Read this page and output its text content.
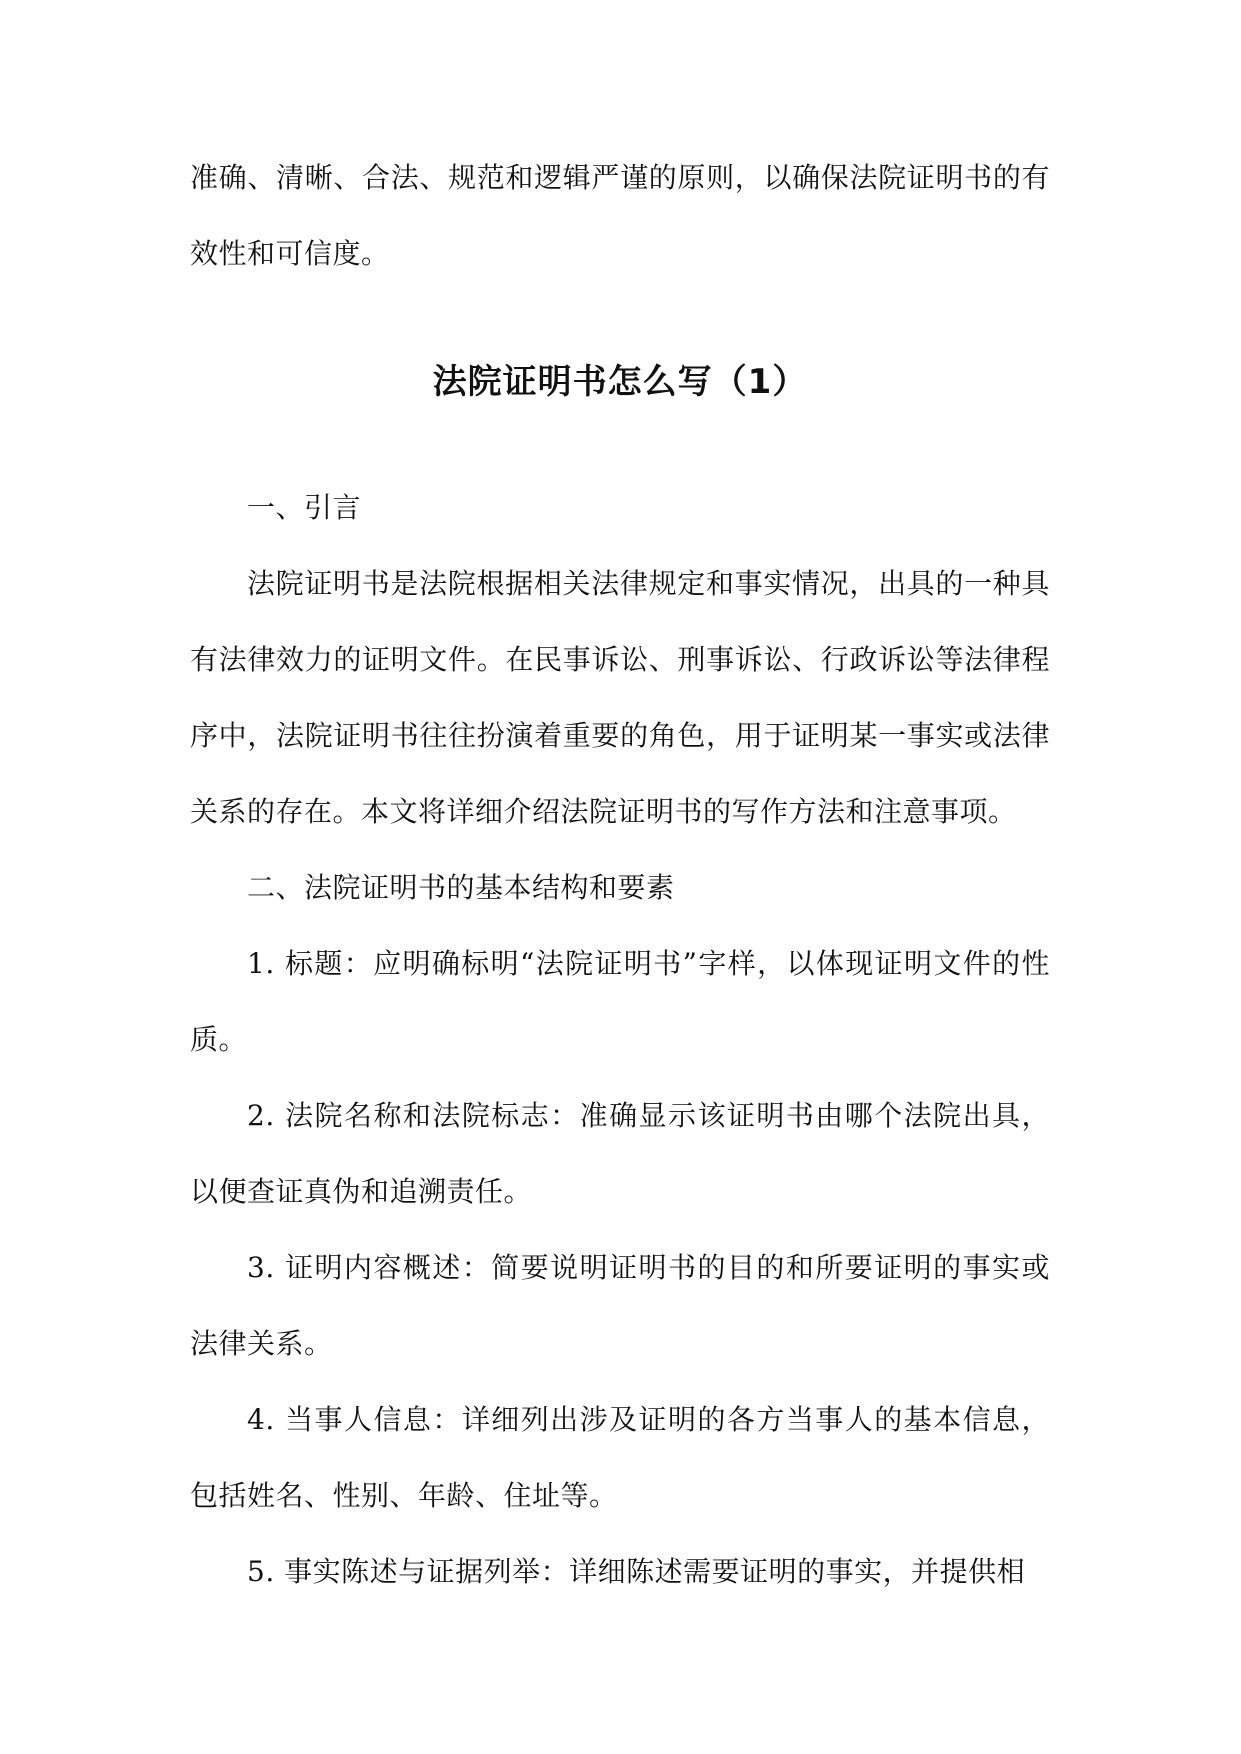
准确、清晰、合法、规范和逻辑严谨的原则，以确保法院证明书的有效性和可信度。

法院证明书怎么写（1）

一、引言

法院证明书是法院根据相关法律规定和事实情况，出具的一种具有法律效力的证明文件。在民事诉讼、刑事诉讼、行政诉讼等法律程序中，法院证明书往往扮演着重要的角色，用于证明某一事实或法律关系的存在。本文将详细介绍法院证明书的写作方法和注意事项。

二、法院证明书的基本结构和要素

1. 标题：应明确标明“法院证明书”字样，以体现证明文件的性质。

2. 法院名称和法院标志：准确显示该证明书由哪个法院出具，以便查证真伪和追溯责任。

3. 证明内容概述：简要说明证明书的目的和所要证明的事实或法律关系。

4. 当事人信息：详细列出涉及证明的各方当事人的基本信息，包括姓名、性别、年龄、住址等。

5. 事实陈述与证据列举：详细陈述需要证明的事实，并提供相
